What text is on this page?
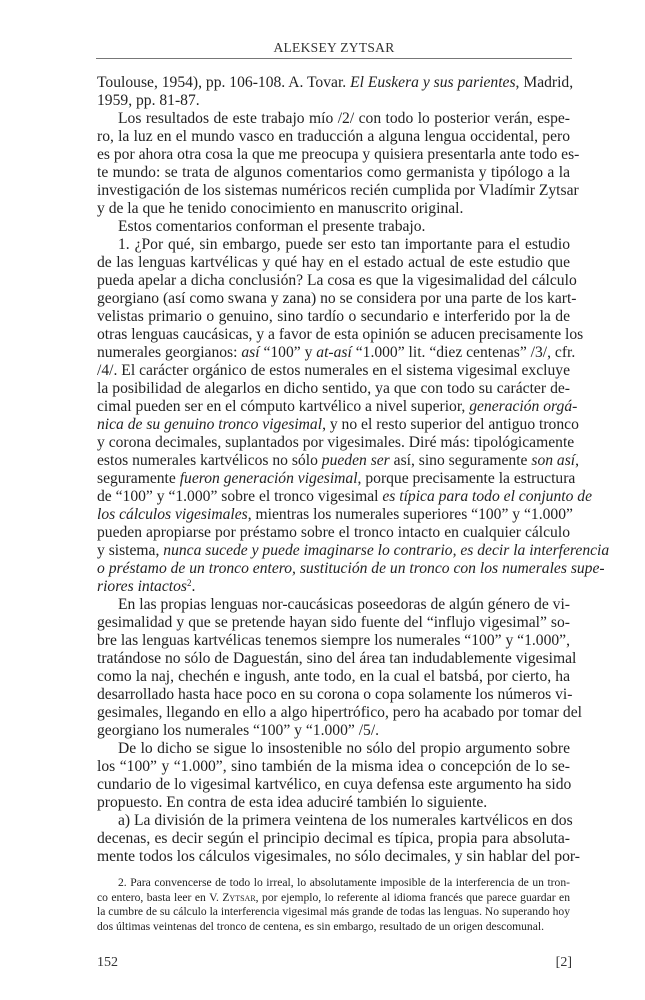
ALEKSEY ZYTSAR
Toulouse, 1954), pp. 106-108. A. Tovar. El Euskera y sus parientes, Madrid,
1959, pp. 81-87.
Los resultados de este trabajo mío /2/ con todo lo posterior verán, espe-
ro, la luz en el mundo vasco en traducción a alguna lengua occidental, pero
es por ahora otra cosa la que me preocupa y quisiera presentarla ante todo es-
te mundo: se trata de algunos comentarios como germanista y tipólogo a la
investigación de los sistemas numéricos recién cumplida por Vladímir Zytsar
y de la que he tenido conocimiento en manuscrito original.
Estos comentarios conforman el presente trabajo.
1. ¿Por qué, sin embargo, puede ser esto tan importante para el estudio
de las lenguas kartvélicas y qué hay en el estado actual de este estudio que
pueda apelar a dicha conclusión? La cosa es que la vigesimalidad del cálculo
georgiano (así como swana y zana) no se considera por una parte de los kart-
velistas primario o genuino, sino tardío o secundario e interferido por la de
otras lenguas caucásicas, y a favor de esta opinión se aducen precisamente los
numerales georgianos: así “100” y at-así “1.000” lit. “diez centenas” /3/, cfr.
/4/. El carácter orgánico de estos numerales en el sistema vigesimal excluye
la posibilidad de alegarlos en dicho sentido, ya que con todo su carácter de-
cimal pueden ser en el cómputo kartvélico a nivel superior, generación orgá-
nica de su genuino tronco vigesimal, y no el resto superior del antiguo tronco
y corona decimales, suplantados por vigesimales. Diré más: tipológicamente
estos numerales kartvélicos no sólo pueden ser así, sino seguramente son así,
seguramente fueron generación vigesimal, porque precisamente la estructura
de “100” y “1.000” sobre el tronco vigesimal es típica para todo el conjunto de
los cálculos vigesimales, mientras los numerales superiores “100” y “1.000”
pueden apropiarse por préstamo sobre el tronco intacto en cualquier cálculo
y sistema, nunca sucede y puede imaginarse lo contrario, es decir la interferencia
o préstamo de un tronco entero, sustitución de un tronco con los numerales supe-
riores intactos$^2$.
En las propias lenguas nor-caucásicas poseedoras de algún género de vi-
gesimalidad y que se pretende hayan sido fuente del “influjo vigesimal” so-
bre las lenguas kartvélicas tenemos siempre los numerales “100” y “1.000”,
tratándose no sólo de Daguestán, sino del área tan indudablemente vigesimal
como la naj, chechén e ingush, ante todo, en la cual el batsbá, por cierto, ha
desarrollado hasta hace poco en su corona o copa solamente los números vi-
gesimales, llegando en ello a algo hipertrófico, pero ha acabado por tomar del
georgiano los numerales “100” y “1.000” /5/.
De lo dicho se sigue lo insostenible no sólo del propio argumento sobre
los “100” y “1.000”, sino también de la misma idea o concepción de lo se-
cundario de lo vigesimal kartvélico, en cuya defensa este argumento ha sido
propuesto. En contra de esta idea aduciré también lo siguiente.
a) La división de la primera veintena de los numerales kartvélicos en dos
decenas, es decir según el principio decimal es típica, propia para absoluta-
mente todos los cálculos vigesimales, no sólo decimales, y sin hablar del por-
2. Para convencerse de todo lo irreal, lo absolutamente imposible de la interferencia de un tron-
co entero, basta leer en V. Zytsar, por ejemplo, lo referente al idioma francés que parece guardar en
la cumbre de su cálculo la interferencia vigesimal más grande de todas las lenguas. No superando hoy
dos últimas veintenas del tronco de centena, es sin embargo, resultado de un origen descomunal.
152	[2]
